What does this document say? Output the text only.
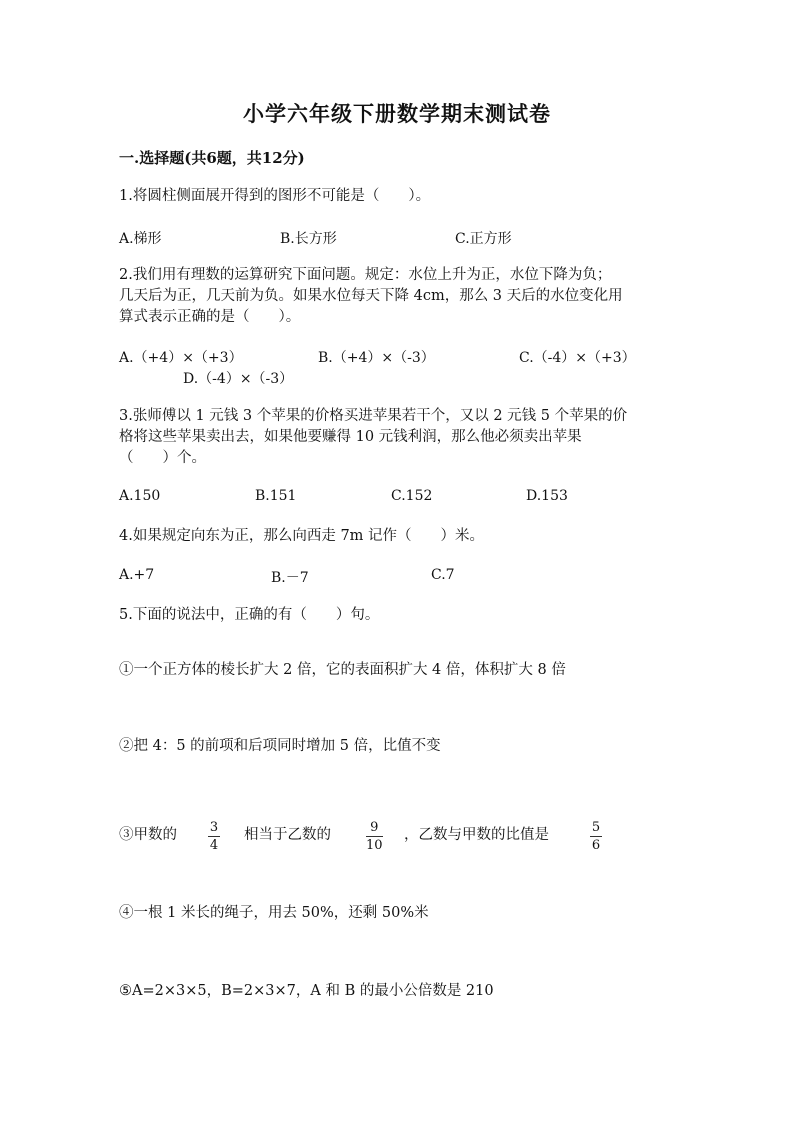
小学六年级下册数学期末测试卷
一.选择题(共6题，共12分)
1.将圆柱侧面展开得到的图形不可能是（　　）。
A.梯形	B.长方形	C.正方形
2.我们用有理数的运算研究下面问题。规定：水位上升为正，水位下降为负；
几天后为正，几天前为负。如果水位每天下降 4cm，那么 3 天后的水位变化用
算式表示正确的是（　　）。
A.（+4）×（+3）	B.（+4）×（-3）	C.（-4）×（+3）
D.（-4）×（-3）
3.张师傅以 1 元钱 3 个苹果的价格买进苹果若干个，又以 2 元钱 5 个苹果的价
格将这些苹果卖出去，如果他要赚得 10 元钱利润，那么他必须卖出苹果
（　　）个。
A.150	B.151	C.152	D.153
4.如果规定向东为正，那么向西走 7m 记作（　　）米。
A.+7	B.－7	C.7
5.下面的说法中，正确的有（　　）句。
①一个正方体的棱长扩大 2 倍，它的表面积扩大 4 倍，体积扩大 8 倍
②把 4：5 的前项和后项同时增加 5 倍，比值不变
③甲数的	3
4
相当于乙数的	9
10
，乙数与甲数的比值是	5
6
④一根 1 米长的绳子，用去 50%，还剩 50%米
⑤A=2×3×5，B=2×3×7，A 和 B 的最小公倍数是 210
